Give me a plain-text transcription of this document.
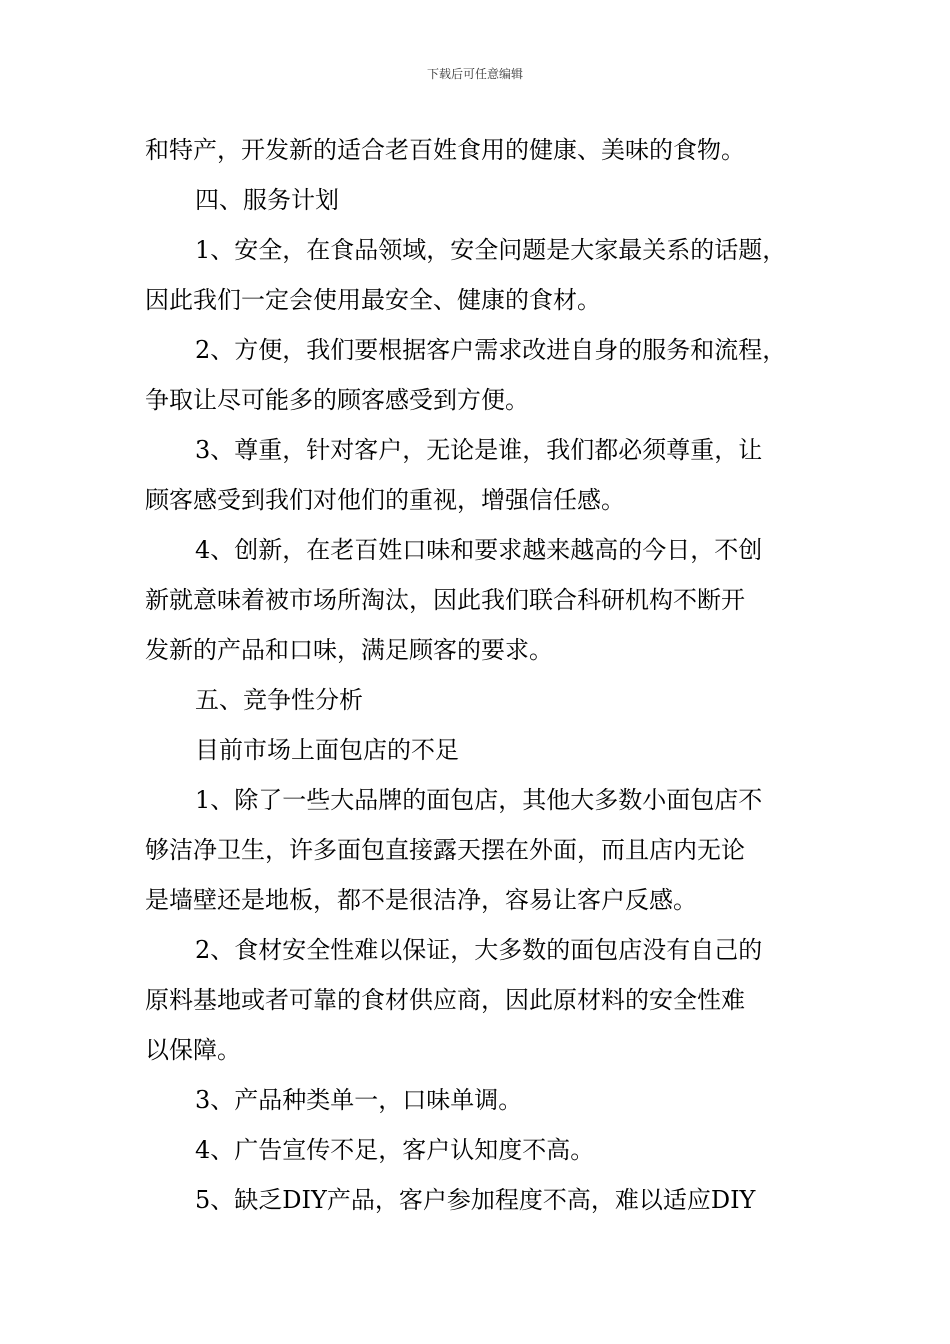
下载后可任意编辑
和特产，开发新的适合老百姓食用的健康、美味的食物。
四、服务计划
1、安全，在食品领域，安全问题是大家最关系的话题，
因此我们一定会使用最安全、健康的食材。
2、方便，我们要根据客户需求改进自身的服务和流程，
争取让尽可能多的顾客感受到方便。
3、尊重，针对客户，无论是谁，我们都必须尊重，让
顾客感受到我们对他们的重视，增强信任感。
4、创新，在老百姓口味和要求越来越高的今日，不创
新就意味着被市场所淘汰，因此我们联合科研机构不断开
发新的产品和口味，满足顾客的要求。
五、竞争性分析
目前市场上面包店的不足
1、除了一些大品牌的面包店，其他大多数小面包店不
够洁净卫生，许多面包直接露天摆在外面，而且店内无论
是墙壁还是地板，都不是很洁净，容易让客户反感。
2、食材安全性难以保证，大多数的面包店没有自己的
原料基地或者可靠的食材供应商，因此原材料的安全性难
以保障。
3、产品种类单一，口味单调。
4、广告宣传不足，客户认知度不高。
5、缺乏DIY产品，客户参加程度不高，难以适应DIY
